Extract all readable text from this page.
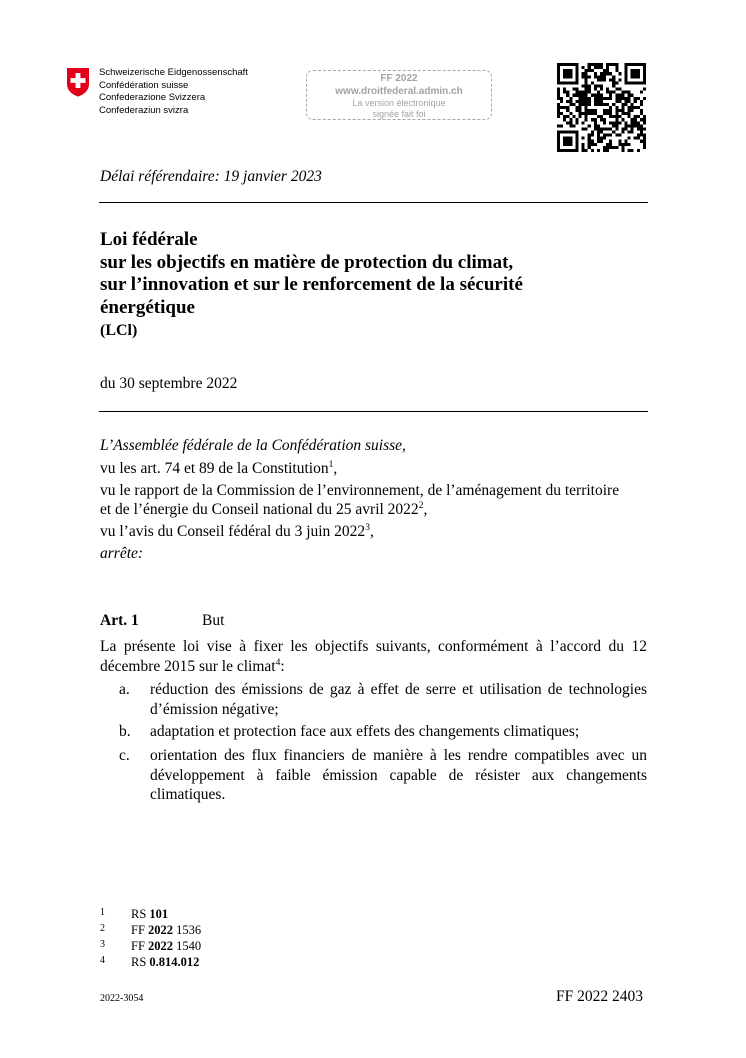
Schweizerische Eidgenossenschaft
Confédération suisse
Confederazione Svizzera
Confederaziun svizra
FF 2022
www.droitfederal.admin.ch
La version électronique
signée fait foi
Délai référendaire: 19 janvier 2023
Loi fédérale
sur les objectifs en matière de protection du climat,
sur l’innovation et sur le renforcement de la sécurité
énergétique
(LCl)
du 30 septembre 2022
L’Assemblée fédérale de la Confédération suisse,
vu les art. 74 et 89 de la Constitution$^1$,
vu le rapport de la Commission de l’environnement, de l’aménagement du territoire
et de l’énergie du Conseil national du 25 avril 2022$^2$,
vu l’avis du Conseil fédéral du 3 juin 2022$^3$,
arrête:
Art. 1	But
La présente loi vise à fixer les objectifs suivants, conformément à l’accord du 12 décembre 2015 sur le climat$^4$:
a. réduction des émissions de gaz à effet de serre et utilisation de technologies d’émission négative;
b. adaptation et protection face aux effets des changements climatiques;
c. orientation des flux financiers de manière à les rendre compatibles avec un développement à faible émission capable de résister aux changements climatiques.
1 RS 101
2 FF 2022 1536
3 FF 2022 1540
4 RS 0.814.012
2022-3054	FF 2022 2403
